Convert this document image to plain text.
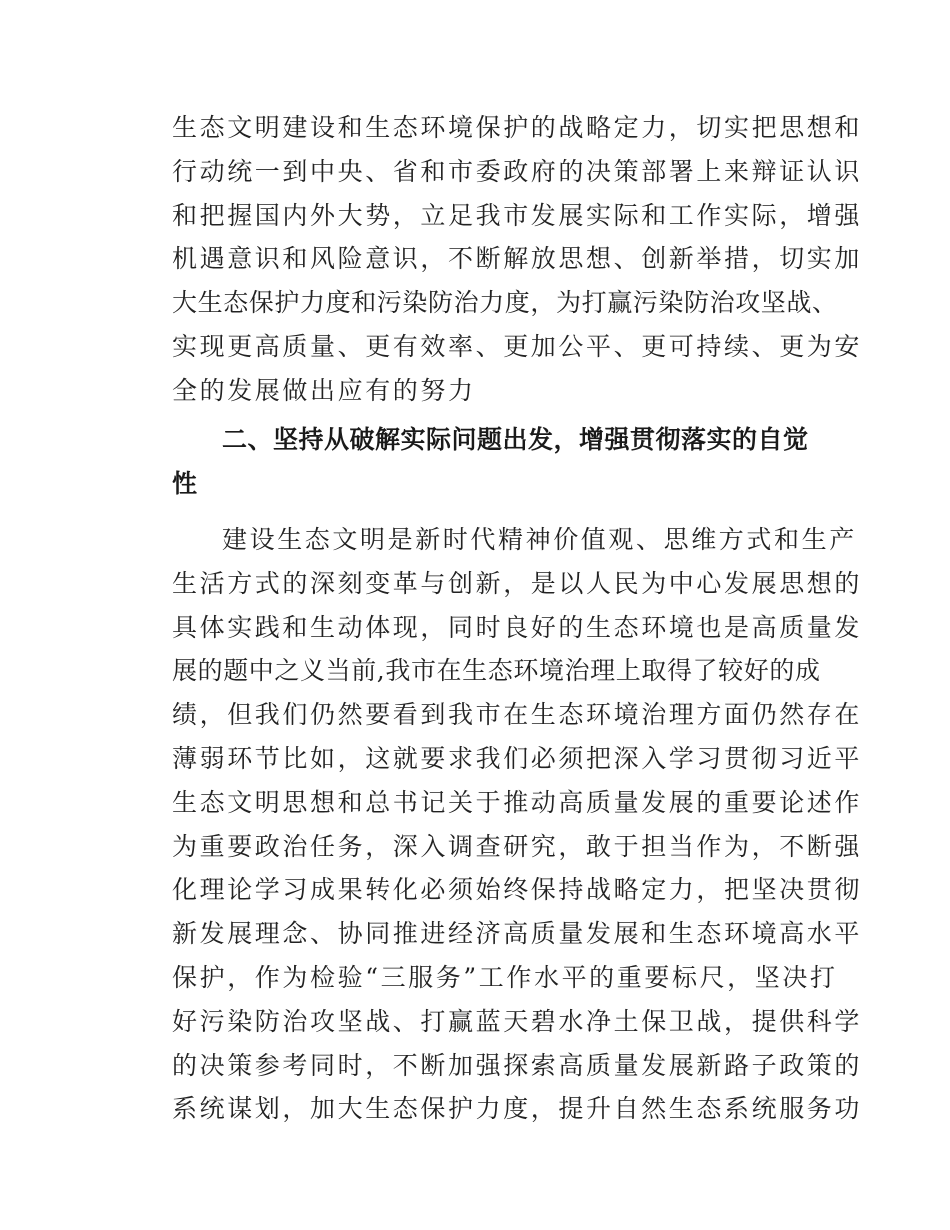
生态文明建设和生态环境保护的战略定力，切实把思想和
行动统一到中央、省和市委政府的决策部署上来辩证认识
和把握国内外大势，立足我市发展实际和工作实际，增强
机遇意识和风险意识，不断解放思想、创新举措，切实加
大生态保护力度和污染防治力度，为打赢污染防治攻坚战、
实现更高质量、更有效率、更加公平、更可持续、更为安
全的发展做出应有的努力
二、坚持从破解实际问题出发，增强贯彻落实的自觉
性
建设生态文明是新时代精神价值观、思维方式和生产
生活方式的深刻变革与创新，是以人民为中心发展思想的
具体实践和生动体现，同时良好的生态环境也是高质量发
展的题中之义当前,我市在生态环境治理上取得了较好的成
绩，但我们仍然要看到我市在生态环境治理方面仍然存在
薄弱环节比如，这就要求我们必须把深入学习贯彻习近平
生态文明思想和总书记关于推动高质量发展的重要论述作
为重要政治任务，深入调查研究，敢于担当作为，不断强
化理论学习成果转化必须始终保持战略定力，把坚决贯彻
新发展理念、协同推进经济高质量发展和生态环境高水平
保护，作为检验“三服务”工作水平的重要标尺，坚决打
好污染防治攻坚战、打赢蓝天碧水净土保卫战，提供科学
的决策参考同时，不断加强探索高质量发展新路子政策的
系统谋划，加大生态保护力度，提升自然生态系统服务功
